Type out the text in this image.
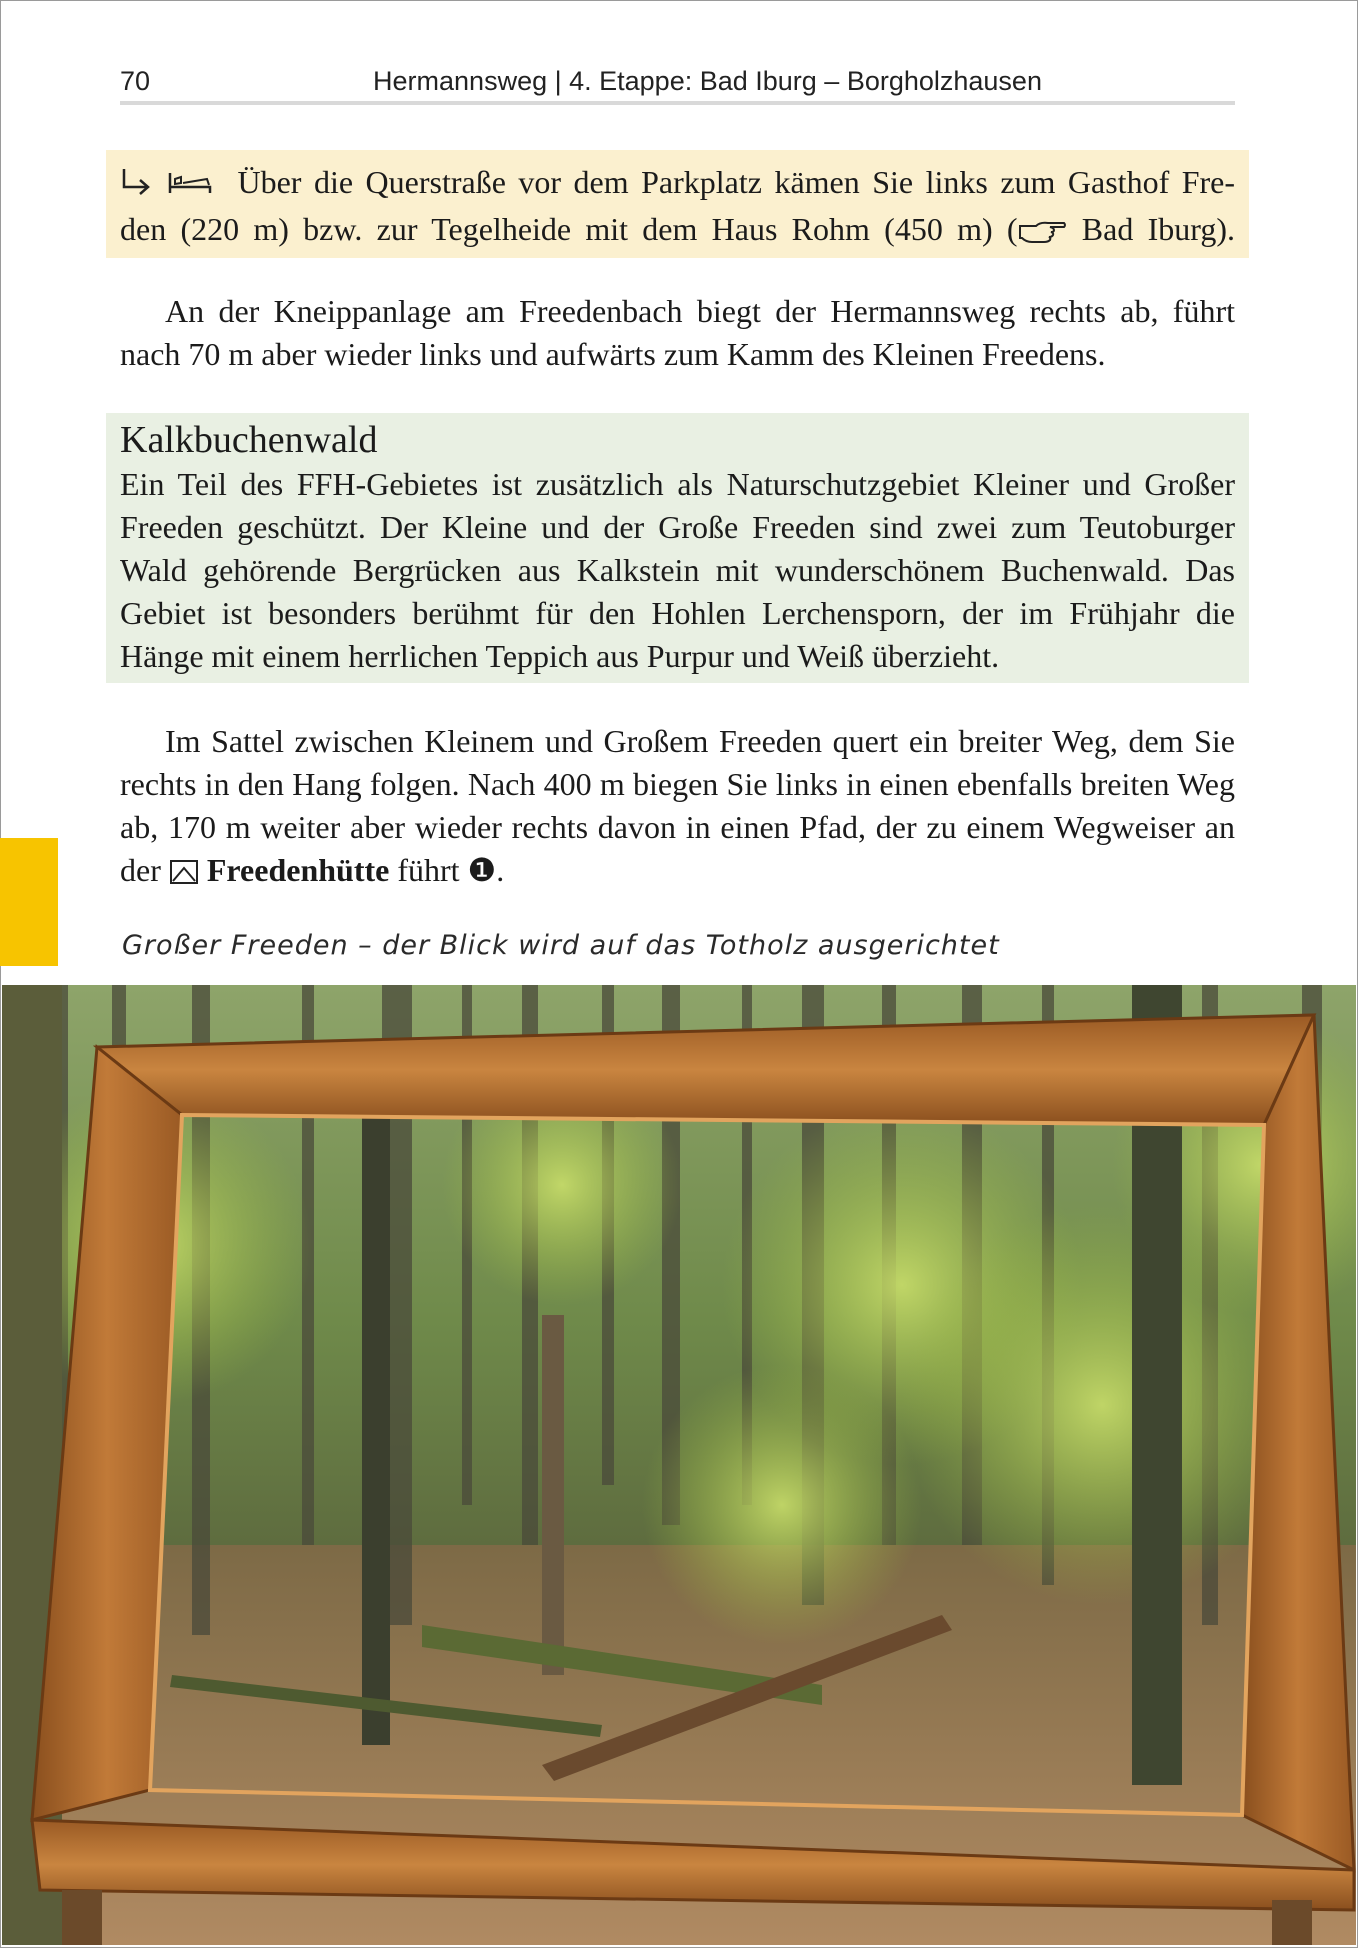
70	Hermannsweg | 4. Etappe: Bad Iburg – Borgholzhausen
Über die Querstraße vor dem Parkplatz kämen Sie links zum Gasthof Fre-
den (220 m) bzw. zur Tegelheide mit dem Haus Rohm (450 m) ( Bad Iburg).
An der Kneippanlage am Freedenbach biegt der Hermannsweg rechts ab, führt nach 70 m aber wieder links und aufwärts zum Kamm des Kleinen Freedens.
Kalkbuchenwald
Ein Teil des FFH-Gebietes ist zusätzlich als Naturschutzgebiet Kleiner und Großer Freeden geschützt. Der Kleine und der Große Freeden sind zwei zum Teutoburger Wald gehörende Bergrücken aus Kalkstein mit wunderschönem Buchenwald. Das Gebiet ist besonders berühmt für den Hohlen Lerchensporn, der im Frühjahr die Hänge mit einem herrlichen Teppich aus Purpur und Weiß überzieht.
Im Sattel zwischen Kleinem und Großem Freeden quert ein breiter Weg, dem Sie rechts in den Hang folgen. Nach 400 m biegen Sie links in einen ebenfalls breiten Weg ab, 170 m weiter aber wieder rechts davon in einen Pfad, der zu einem Wegweiser an der Freedenhütte führt ❶.
Großer Freeden – der Blick wird auf das Totholz ausgerichtet
